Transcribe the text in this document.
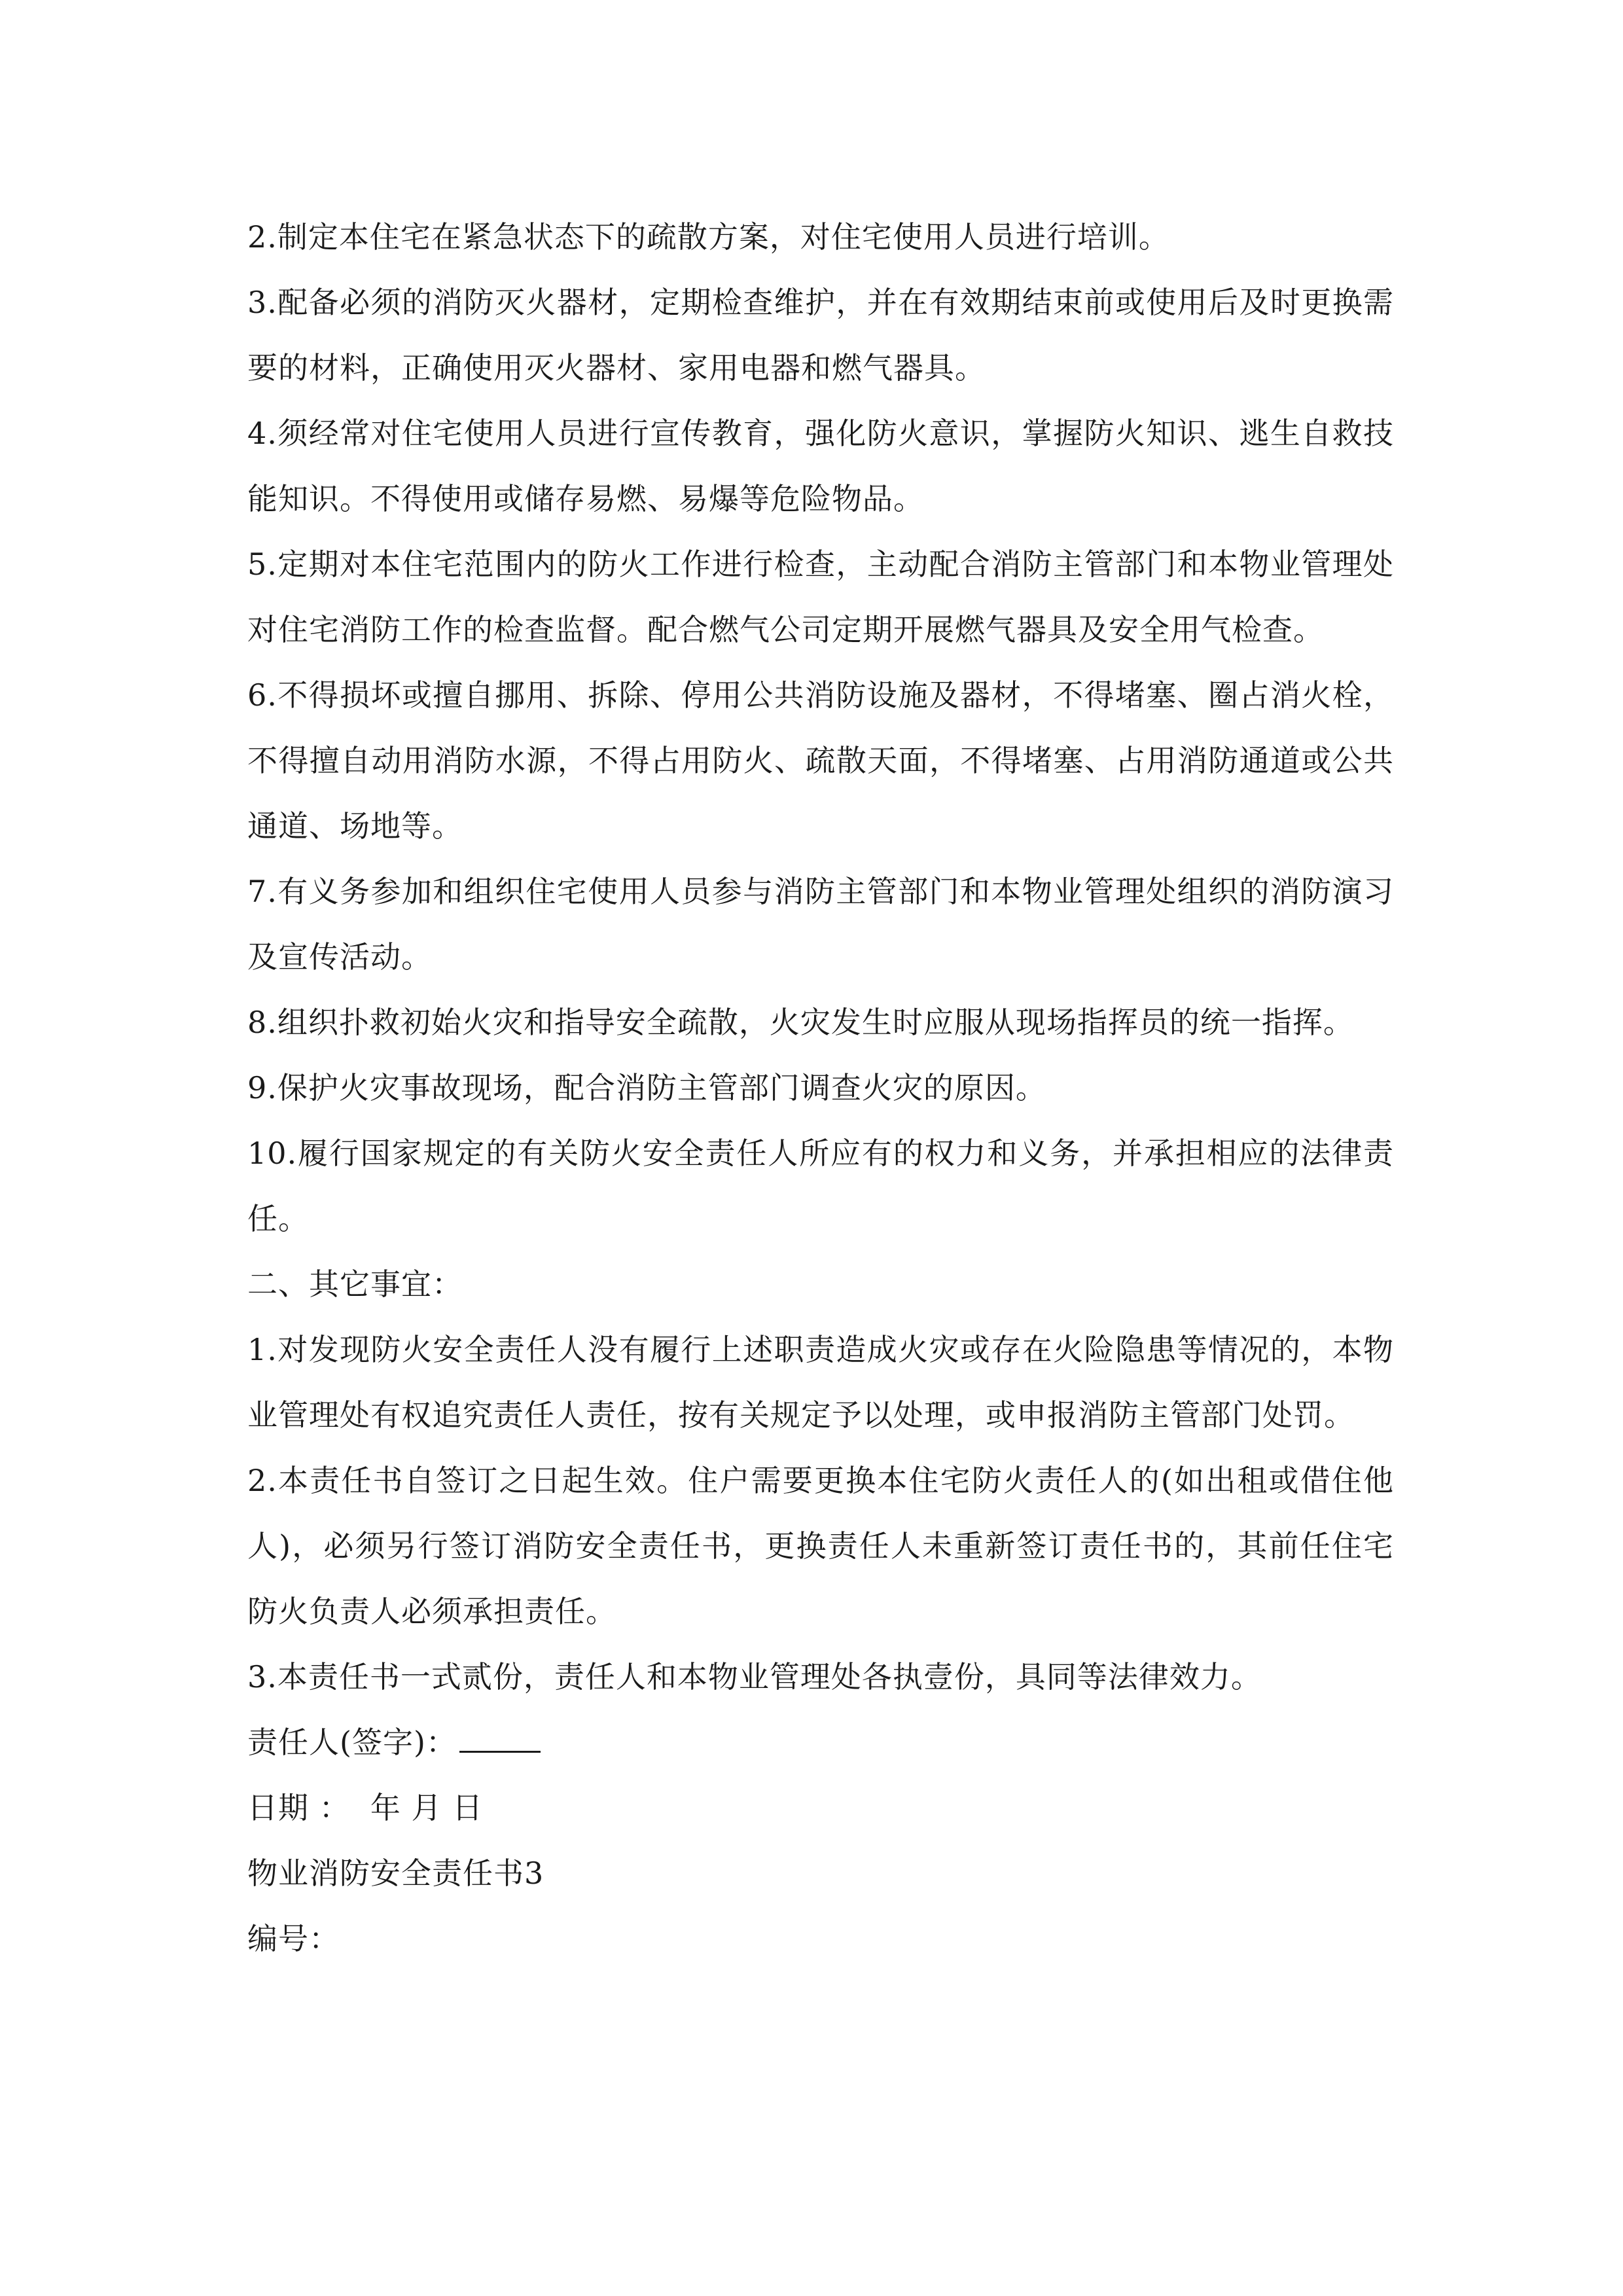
2.制定本住宅在紧急状态下的疏散方案，对住宅使用人员进行培训。

3.配备必须的消防灭火器材，定期检查维护，并在有效期结束前或使用后及时更换需要的材料，正确使用灭火器材、家用电器和燃气器具。

4.须经常对住宅使用人员进行宣传教育，强化防火意识，掌握防火知识、逃生自救技能知识。不得使用或储存易燃、易爆等危险物品。

5.定期对本住宅范围内的防火工作进行检查，主动配合消防主管部门和本物业管理处对住宅消防工作的检查监督。配合燃气公司定期开展燃气器具及安全用气检查。

6.不得损坏或擅自挪用、拆除、停用公共消防设施及器材，不得堵塞、圈占消火栓，不得擅自动用消防水源，不得占用防火、疏散天面，不得堵塞、占用消防通道或公共通道、场地等。

7.有义务参加和组织住宅使用人员参与消防主管部门和本物业管理处组织的消防演习及宣传活动。

8.组织扑救初始火灾和指导安全疏散，火灾发生时应服从现场指挥员的统一指挥。

9.保护火灾事故现场，配合消防主管部门调查火灾的原因。

10.履行国家规定的有关防火安全责任人所应有的权力和义务，并承担相应的法律责任。

二、其它事宜：

1.对发现防火安全责任人没有履行上述职责造成火灾或存在火险隐患等情况的，本物业管理处有权追究责任人责任，按有关规定予以处理，或申报消防主管部门处罚。

2.本责任书自签订之日起生效。住户需要更换本住宅防火责任人的(如出租或借住他人)，必须另行签订消防安全责任书，更换责任人未重新签订责任书的，其前任住宅防火负责人必须承担责任。

3.本责任书一式贰份，责任人和本物业管理处各执壹份，具同等法律效力。

责任人(签字)：

日期 ：  年 月 日

物业消防安全责任书3

编号：
